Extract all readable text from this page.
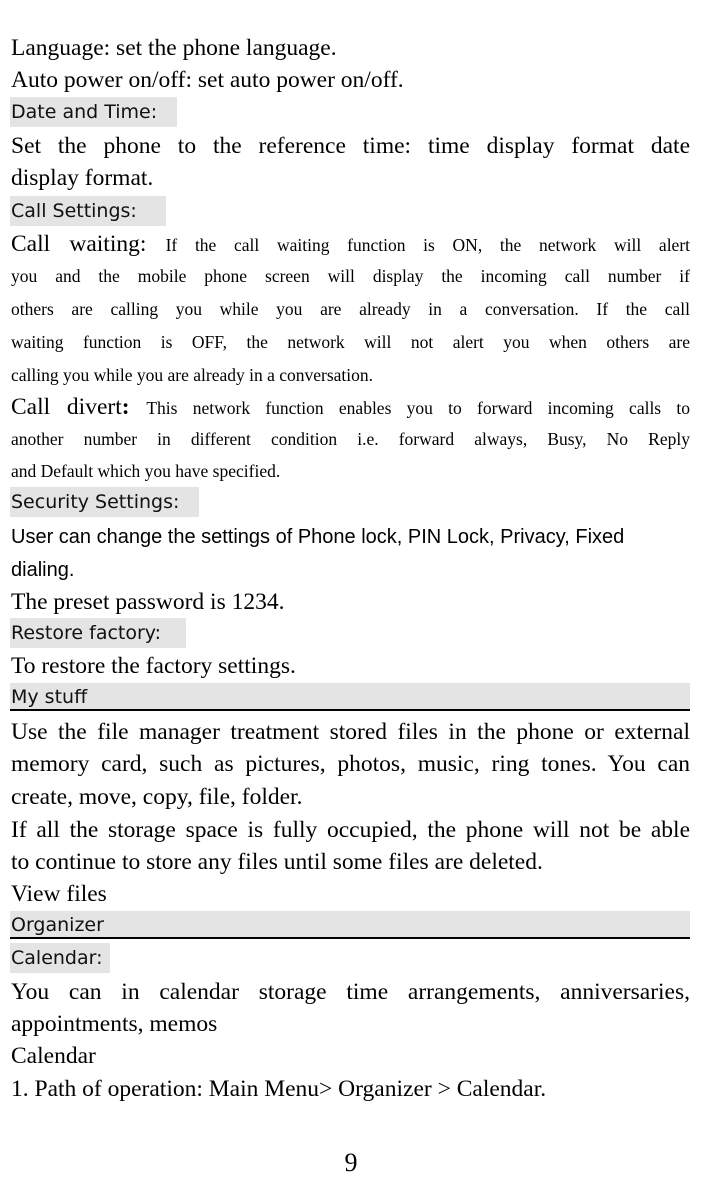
Language: set the phone language.
Auto power on/off: set auto power on/off.
Date and Time:
Set the phone to the reference time: time display format date
display format.
Call Settings:
Call waiting: If the call waiting function is ON, the network will alert
you and the mobile phone screen will display the incoming call number if
others are calling you while you are already in a conversation. If the call
waiting function is OFF, the network will not alert you when others are
calling you while you are already in a conversation.
Call divert: This network function enables you to forward incoming calls to
another number in different condition i.e. forward always, Busy, No Reply
and Default which you have specified.
Security Settings:
User can change the settings of Phone lock, PIN Lock, Privacy, Fixed
dialing.
The preset password is 1234.
Restore factory:
To restore the factory settings.
My stuff
Use the file manager treatment stored files in the phone or external
memory card, such as pictures, photos, music, ring tones. You can
create, move, copy, file, folder.
If all the storage space is fully occupied, the phone will not be able
to continue to store any files until some files are deleted.
View files
Organizer
Calendar:
You can in calendar storage time arrangements, anniversaries,
appointments, memos
Calendar
1. Path of operation: Main Menu> Organizer > Calendar.
9
